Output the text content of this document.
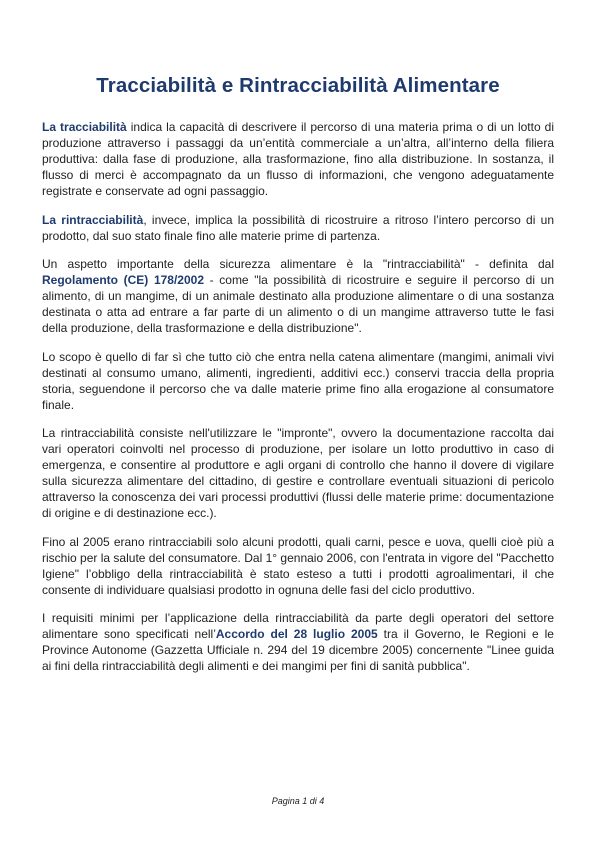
Tracciabilità e Rintracciabilità Alimentare

La tracciabilità indica la capacità di descrivere il percorso di una materia prima o di un lotto di produzione attraverso i passaggi da un’entità commerciale a un’altra, all’interno della filiera produttiva: dalla fase di produzione, alla trasformazione, fino alla distribuzione. In sostanza, il flusso di merci è accompagnato da un flusso di informazioni, che vengono adeguatamente registrate e conservate ad ogni passaggio.

La rintracciabilità, invece, implica la possibilità di ricostruire a ritroso l’intero percorso di un prodotto, dal suo stato finale fino alle materie prime di partenza.

Un aspetto importante della sicurezza alimentare è la "rintracciabilità" - definita dal Regolamento (CE) 178/2002 - come "la possibilità di ricostruire e seguire il percorso di un alimento, di un mangime, di un animale destinato alla produzione alimentare o di una sostanza destinata o atta ad entrare a far parte di un alimento o di un mangime attraverso tutte le fasi della produzione, della trasformazione e della distribuzione".

Lo scopo è quello di far sì che tutto ciò che entra nella catena alimentare (mangimi, animali vivi destinati al consumo umano, alimenti, ingredienti, additivi ecc.) conservi traccia della propria storia, seguendone il percorso che va dalle materie prime fino alla erogazione al consumatore finale.

La rintracciabilità consiste nell'utilizzare le "impronte", ovvero la documentazione raccolta dai vari operatori coinvolti nel processo di produzione, per isolare un lotto produttivo in caso di emergenza, e consentire al produttore e agli organi di controllo che hanno il dovere di vigilare sulla sicurezza alimentare del cittadino, di gestire e controllare eventuali situazioni di pericolo attraverso la conoscenza dei vari processi produttivi (flussi delle materie prime: documentazione di origine e di destinazione ecc.).

Fino al 2005 erano rintracciabili solo alcuni prodotti, quali carni, pesce e uova, quelli cioè più a rischio per la salute del consumatore. Dal 1° gennaio 2006, con l'entrata in vigore del "Pacchetto Igiene" l’obbligo della rintracciabilità è stato esteso a tutti i prodotti agroalimentari, il che consente di individuare qualsiasi prodotto in ognuna delle fasi del ciclo produttivo.

I requisiti minimi per l’applicazione della rintracciabilità da parte degli operatori del settore alimentare sono specificati nell’Accordo del 28 luglio 2005 tra il Governo, le Regioni e le Province Autonome (Gazzetta Ufficiale n. 294 del 19 dicembre 2005) concernente "Linee guida ai fini della rintracciabilità degli alimenti e dei mangimi per fini di sanità pubblica".

Pagina 1 di 4
